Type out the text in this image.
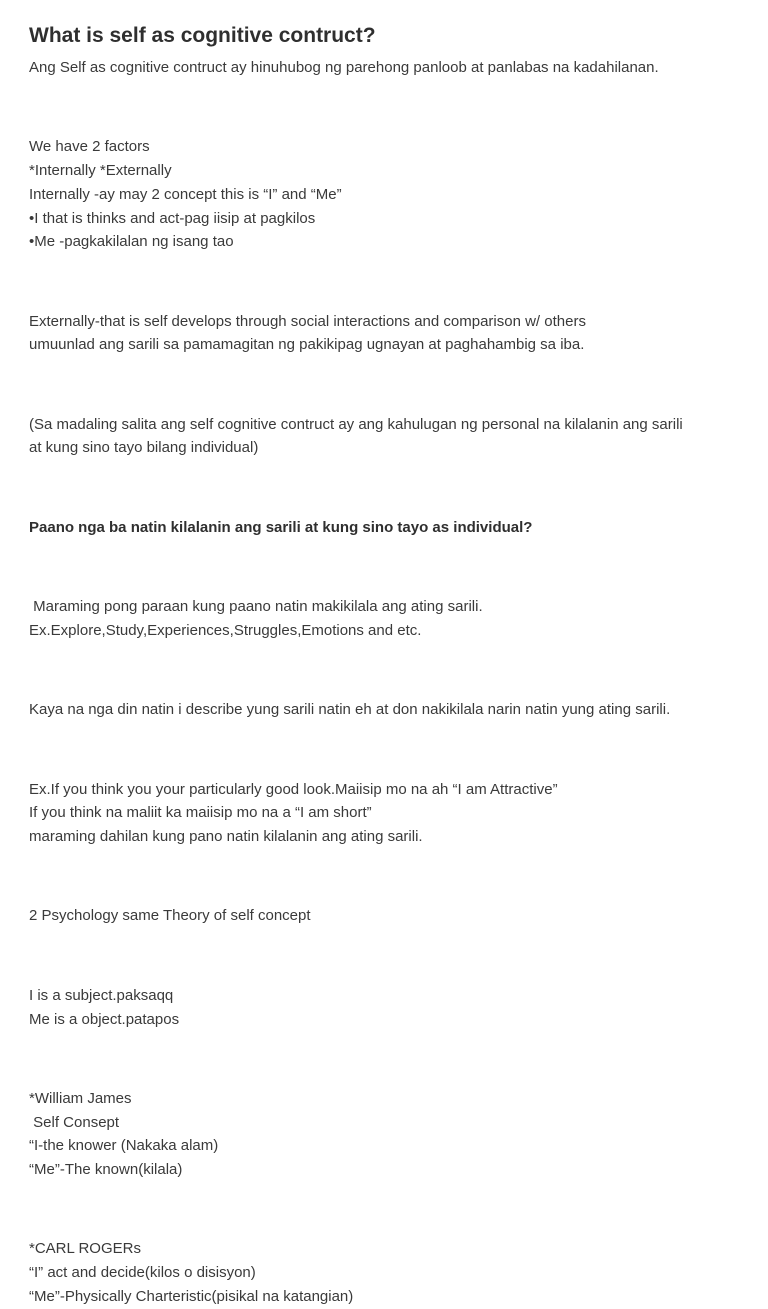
What is self as cognitive contruct?

Ang Self as cognitive contruct ay hinuhubog ng parehong panloob at panlabas na kadahilanan.

We have 2 factors

*Internally *Externally

Internally -ay may 2 concept this is “I” and “Me”

•I that is thinks and act-pag iisip at pagkilos

•Me -pagkakilalan ng isang tao

Externally-that is self develops through social interactions and comparison w/ others

umuunlad ang sarili sa pamamagitan ng pakikipag ugnayan at paghahambig sa iba.

(Sa madaling salita ang self cognitive contruct ay ang kahulugan ng personal na kilalanin ang sarili

at kung sino tayo bilang individual)

Paano nga ba natin kilalanin ang sarili at kung sino tayo as individual?

Maraming pong paraan kung paano natin makikilala ang ating sarili.

Ex.Explore,Study,Experiences,Struggles,Emotions and etc.

Kaya na nga din natin i describe yung sarili natin eh at don nakikilala narin natin yung ating sarili.

Ex.If you think you your particularly good look.Maiisip mo na ah “I am Attractive”

If you think na maliit ka maiisip mo na a “I am short”

maraming dahilan kung pano natin kilalanin ang ating sarili.

2 Psychology same Theory of self concept

I is a subject.paksaqq

Me is a object.patapos

*William James

Self Consept

“I-the knower (Nakaka alam)

“Me”-The known(kilala)

*CARL ROGERs

“I” act and decide(kilos o disisyon)

“Me”-Physically Charteristic(pisikal na katangian)
